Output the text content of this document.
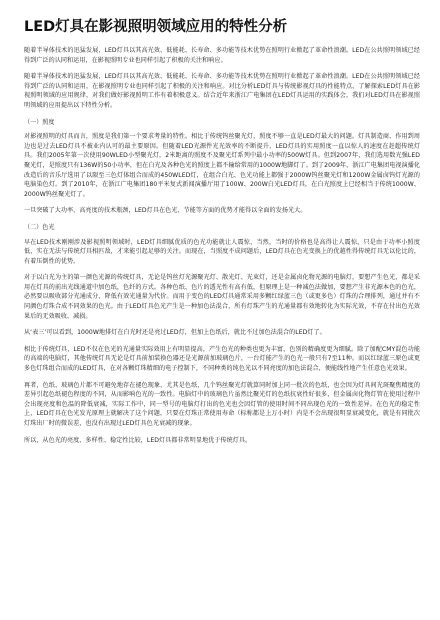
LED灯具在影视照明领域应用的特性分析

随着半导体技术的迅猛发展，LED灯具以其高光效、低能耗、长寿命、多功能等技术优势在照明行业掀起了革命性浪潮。LED在公共照明领域已经得到广泛的认同和运用，在影视照明专业也同样引起了积极的关注和响应。

随着半导体技术的迅猛发展，LED灯具以其高光效、低能耗、长寿命、多功能等技术优势在照明行业掀起了革命性浪潮。LED在公共照明领域已经得到广泛的认同和运用，在影视照明专业也同样引起了积极的关注和响应。对比分析LED灯具与传统影视灯具的性能特点，了解探索LED灯具在影视照明领域的应用规律，对我们做好影视照明工作有着积极意义。结合近年来浙江广电集团在LED灯具运用的实践体会，我们对LED灯具在影视照明领域的应用提出以下特性分析。

（一）照度

对影视照明的灯具而言，照度是我们第一个要求考量的特性。相比于传统钨丝聚光灯，照度不够一直是LED灯最大的问题。灯具制造商、作用到周边也是过去LED灯具不被业内认可的最主要原因。但随着LED光源件光光效率的不断提升，LED灯具的实用照度一直以惊人的速度在赶超传统灯具。我们2005年第一次使用90WLED小型聚光灯，2米距离的照度不及聚光灯系列中最小功率的500W灯具。但到2007年，我们选用数光强LED聚光灯，是照度只有136W的50小功率，但在白光及各种色光的照度上都不输给常用的1000W地脚灯了。到了2009年，浙江广电集团电视演播化改造后的音乐厅选用了以限至三色灯体组合而成的450WLED灯，在组合白光、色光功能上都强于2000W钨丝聚光灯和1200W金属卤钨灯光源的电脑染色灯。到了2010年，在浙江广电集团180平米复式新闻演播厅用了100W、200W白光LED灯具，在白光照度上已经相当于传统1000W、2000W钨丝聚光灯了。

一旦突破了大功率、高亮度的技术瓶颈，LED灯具在色光、节能等方面的优势才能得以全面的发扬光大。

（二）色光

早在LED技术刚刚涉及影视照明领域时，LED灯具细腻优质的色光功能就让人震惊，当然，当时的价格也是高得让人震惊，只是由于功率小照度低，实在无法与传统灯具相匹敌，才来能引起足够的关注。而现在，当照度不成问题后，LED灯具在色光变换上的优越性得传统灯具无以伦比的，有着压倒性的优势。

对于以白光为主的第一颜色光源的传统灯具，无论是钨丝灯光源聚光灯、散光灯、光束灯，还是金属卤化物光源的电脑灯，要想产生色光，都是采用在灯具的前出光线通道中加色纸，色纤的方式。各种色纸、色片的透光性有高有低，但原理上是一种减色法做加，要想产生非光源本色的色光，必然要以吸收部分光通成分、降低有效光通量为代价。而用于变色的LED灯具通常采用多颗红绿蓝三色（或更多色）灯珠的合理排列，通过并有不同颜色灯珠合成不同效果的色光。由于LED灯具色光产生是一种加色法混合，所有灯珠产生的光通量都有效地转化为实际光效，不存在付出色光效果后的无效吸收、减损。

从‘表三’可以看到，1000W地排灯在白光时还是亮过LED灯，但加上色纸后，就比不过加色法混合的LED灯了。

相比于传统灯具，LED不仅在色光的光通量实际效用上有明显提高，产生色光的种类也更为丰富，色别的精确度更为细腻。除了加配CMY混色功能的高端的电脑灯，其他传统灯具无论是灯具前加装换色器还是光源前加玻璃色片，一台灯能产生的色光一般只有7至11种。而以红绿蓝三原色或更多色灯珠组合而成的LED灯具，在对各颗灯珠精细的电子控制下，不同种类的纯色光以不同亮度的加色法混合，便能线性地产生任意色光效果。

再者，色纸、玻璃色片都不可避免地存在褪色现象，尤其是色纸，几个钨丝聚光灯就算同时加上同一批次的色纸，也会因为灯具间光斑聚焦精度的差异引起色纸褪色程度的不同，从而影响色光的一致性。电脑灯中的玻璃色片虽然比聚光灯的色纸抗衰性好很多，但金属卤化物灯管在使用过程中会出现亮度和色温的降低衰减，实际工作中，同一型号的电脑灯打出的色光也会因灯管的使用时间不同出现色光的一致性差异。在色光的稳定性上，LED灯具在色光发光原理上就解决了这个问题，只要在灯珠正常使用寿命（标称都是上万小时）内是不会出现很明显衰减变化，就是有同批次灯珠出厂时的微误差，也没有出现过LED灯具色光衰减的现象。

所以，从色光的亮度、多样性、稳定性比较，LED灯具都非常明显地优于传统灯具。
